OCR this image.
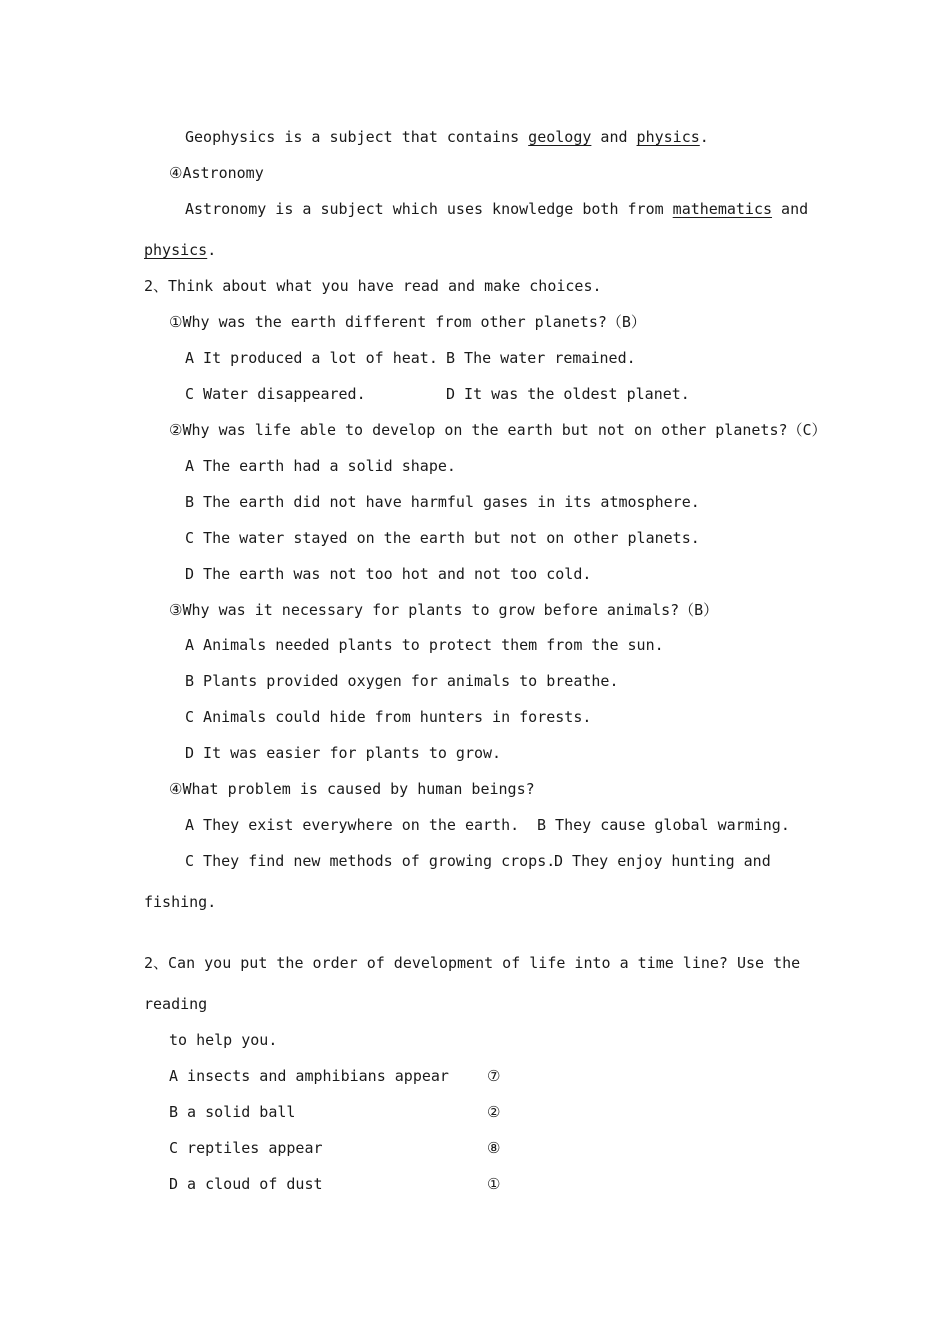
Geophysics is a subject that contains geology and physics.
④Astronomy
Astronomy is a subject which uses knowledge both from mathematics and
physics.
2、Think about what you have read and make choices.
①Why was the earth different from other planets?（B）
A It produced a lot of heat. B The water remained.
C Water disappeared.	D It was the oldest planet.
②Why was life able to develop on the earth but not on other planets?（C）
A The earth had a solid shape.
B The earth did not have harmful gases in its atmosphere.
C The water stayed on the earth but not on other planets.
D The earth was not too hot and not too cold.
③Why was it necessary for plants to grow before animals?（B）
A Animals needed plants to protect them from the sun.
B Plants provided oxygen for animals to breathe.
C Animals could hide from hunters in forests.
D It was easier for plants to grow.
④What problem is caused by human beings?
A They exist everywhere on the earth. B They cause global warming.
C They find new methods of growing crops.
D They enjoy hunting and
fishing.
2、Can you put the order of development of life into a time line? Use the
reading
to help you.
A insects and amphibians appear	⑦
B a solid ball	②
C reptiles appear	⑧
D a cloud of dust	①
